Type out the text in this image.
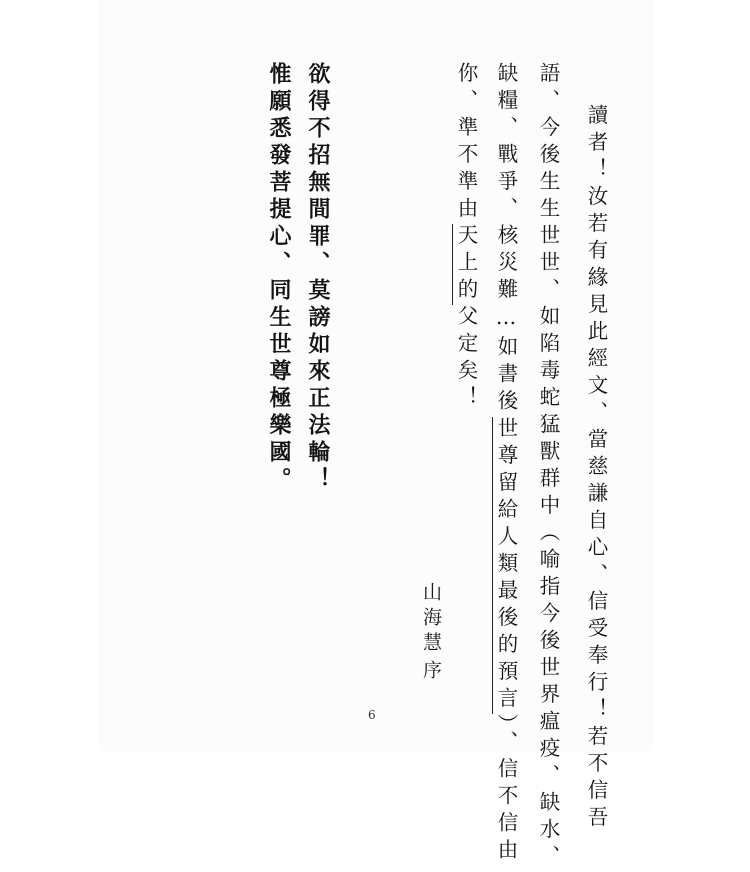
讀者！汝若有緣見此經文、當慈謙自心、信受奉行！若不信吾

語、今後生生世世、如陷毒蛇猛獸群中（喻指今後世界瘟疫、缺水、

缺糧、戰爭、核災難…如書後世尊留給人類最後的預言）、信不信由

你、準不準由天上的父定矣！

山海慧
序

欲得不招無間罪、莫謗如來正法輪！

惟願悉發菩提心、同生世尊極樂國。

6
